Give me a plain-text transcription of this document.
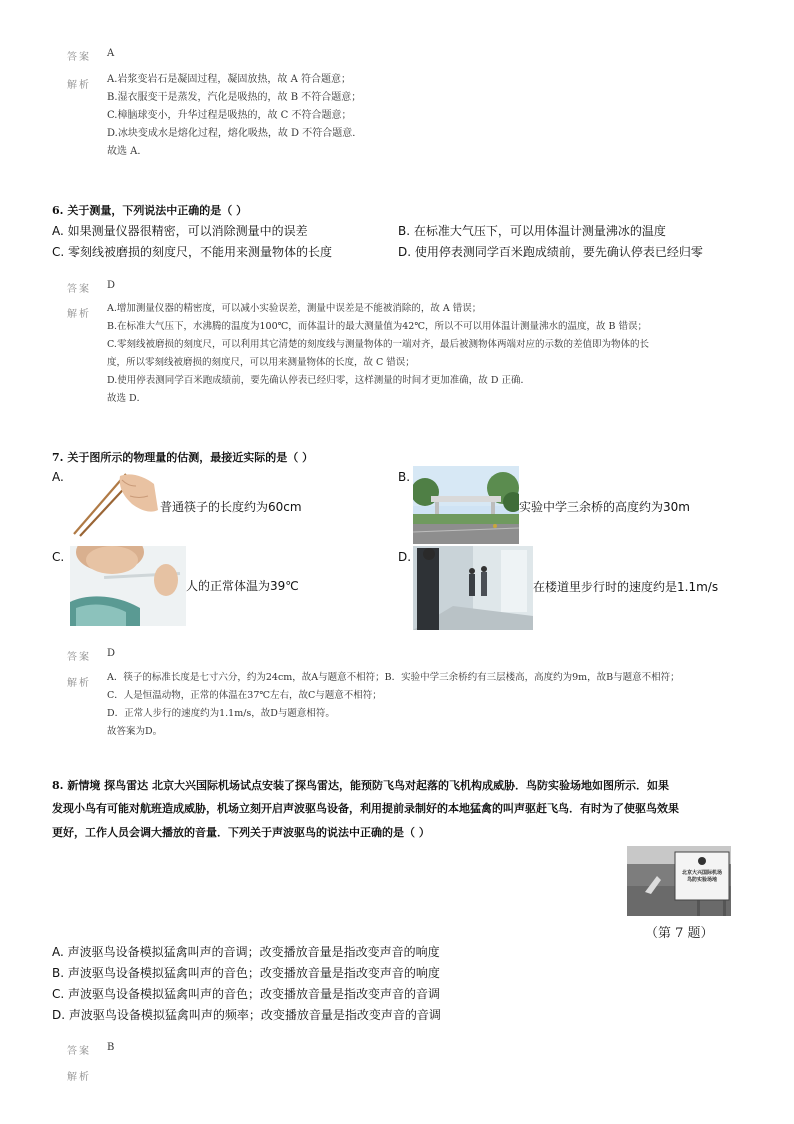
答案 A
解析
A.岩浆变岩石是凝固过程，凝固放热，故 A 符合题意；
B.湿衣服变干是蒸发，汽化是吸热的，故 B 不符合题意；
C.樟脑球变小，升华过程是吸热的，故 C 不符合题意；
D.冰块变成水是熔化过程，熔化吸热，故 D 不符合题意．
故选 A．
6. 关于测量，下列说法中正确的是（ ）
A. 如果测量仪器很精密，可以消除测量中的误差	B. 在标准大气压下，可以用体温计测量沸冰的温度
C. 零刻线被磨损的刻度尺，不能用来测量物体的长度	D. 使用停表测同学百米跑成绩前，要先确认停表已经归零
答案 D
解析
A.增加测量仪器的精密度，可以减小实验误差，测量中误差是不能被消除的，故 A 错误；
B.在标准大气压下，水沸腾的温度为100℃，而体温计的最大测量值为42℃，所以不可以用体温计测量沸水的温度，故 B 错误；
C.零刻线被磨损的刻度尺，可以利用其它清楚的刻度线与测量物体的一端对齐，最后被测物体两端对应的示数的差值即为物体的长
度，所以零刻线被磨损的刻度尺，可以用来测量物体的长度，故 C 错误；
D.使用停表测同学百米跑成绩前，要先确认停表已经归零，这样测量的时间才更加准确，故 D 正确．
故选 D．
7. 关于图所示的物理量的估测，最接近实际的是（ ）
A.
普通筷子的长度约为60cm
B.
实验中学三余桥的高度约为30m
C.
人的正常体温为39℃
D.
在楼道里步行时的速度约是1.1m/s
答案 D
解析
A．筷子的标准长度是七寸六分，约为24cm，故A与题意不相符；B．实验中学三余桥约有三层楼高，高度约为9m，故B与题意不相符；
C．人是恒温动物，正常的体温在37℃左右，故C与题意不相符；
D．正常人步行的速度约为1.1m/s，故D与题意相符。
故答案为D。
8. 新情境 探鸟雷达 北京大兴国际机场试点安装了探鸟雷达，能预防飞鸟对起落的飞机构成威胁．鸟防实验场地如图所示．如果
发现小鸟有可能对航班造成威胁，机场立刻开启声波驱鸟设备，利用提前录制好的本地猛禽的叫声驱赶飞鸟．有时为了使驱鸟效果
更好，工作人员会调大播放的音量．下列关于声波驱鸟的说法中正确的是（ ）
北京大兴国际机场
鸟防实验场地
（第 7 题）
A. 声波驱鸟设备模拟猛禽叫声的音调；改变播放音量是指改变声音的响度
B. 声波驱鸟设备模拟猛禽叫声的音色；改变播放音量是指改变声音的响度
C. 声波驱鸟设备模拟猛禽叫声的音色；改变播放音量是指改变声音的音调
D. 声波驱鸟设备模拟猛禽叫声的频率；改变播放音量是指改变声音的音调
答案 B
解析
